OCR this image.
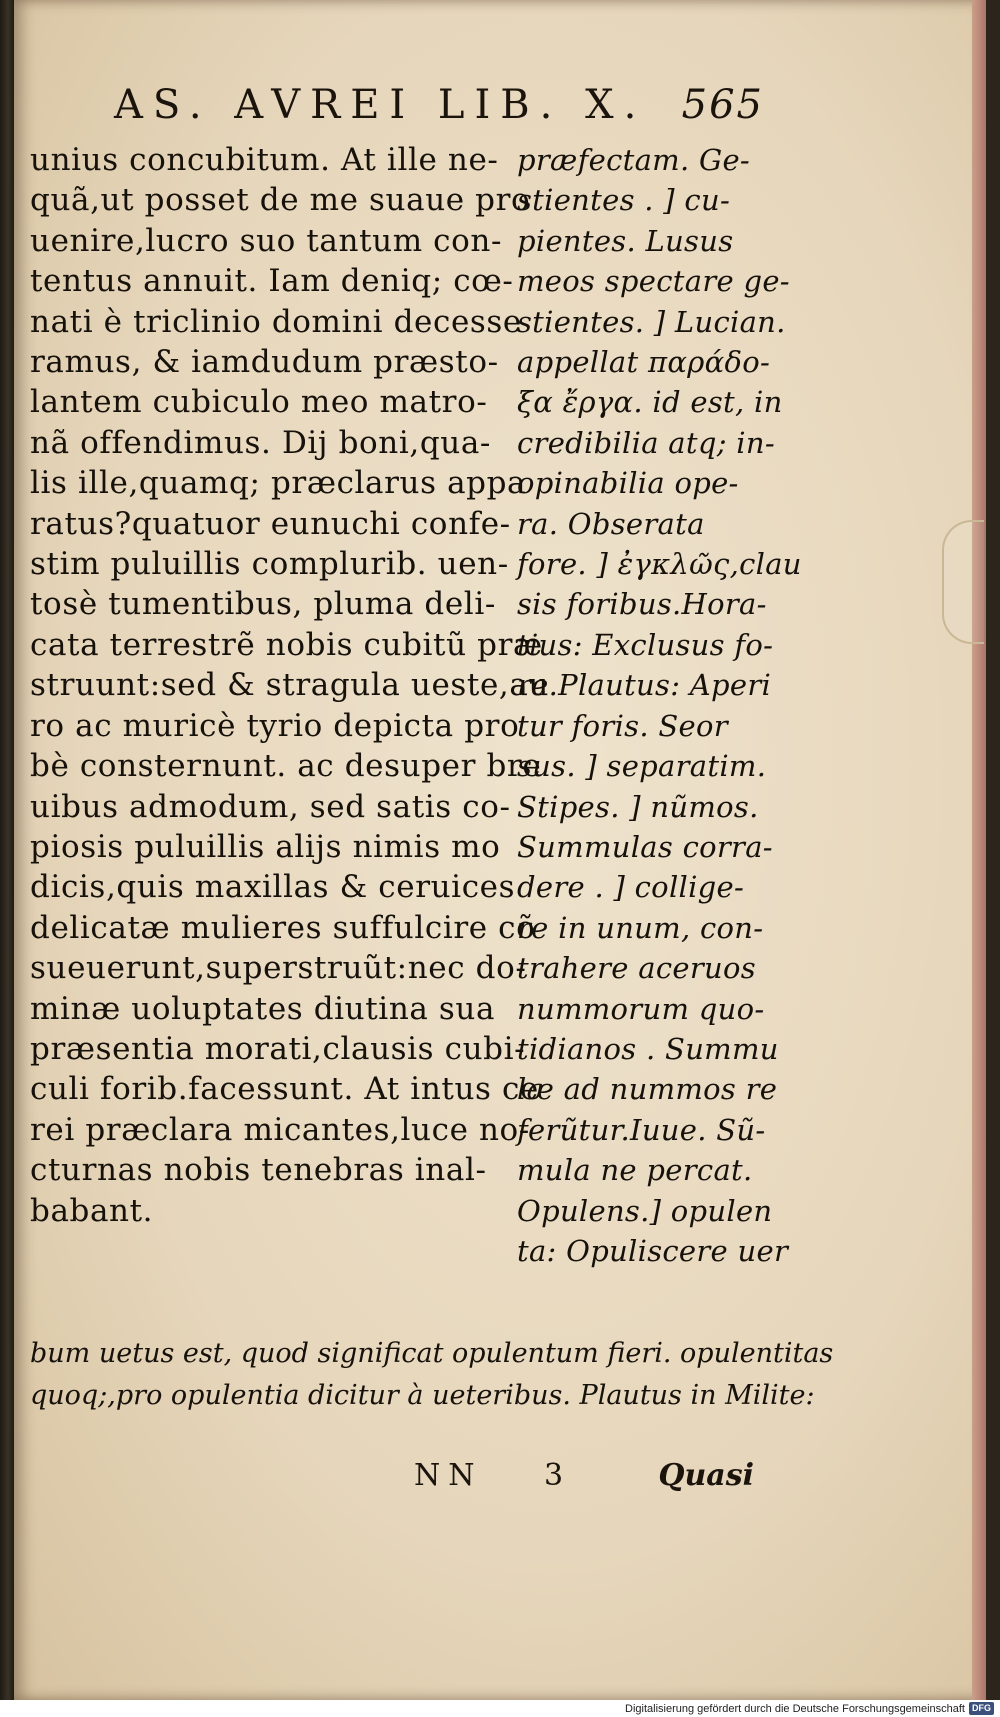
AS. AVREI LIB. X. 565
unius concubitum. At ille ne-
quã,ut posset de me suaue pro
uenire,lucro suo tantum con-
tentus annuit. Iam deniq; cœ-
nati è triclinio domini decesse
ramus, & iamdudum præsto-
lantem cubiculo meo matro-
nã offendimus. Dij boni,qua-
lis ille,quamq; præclarus appa
ratus?quatuor eunuchi confe-
stim puluillis complurib. uen-
tosè tumentibus, pluma deli-
cata terrestrẽ nobis cubitũ præ
struunt:sed & stragula ueste,au
ro ac muricè tyrio depicta pro
bè consternunt. ac desuper bre
uibus admodum, sed satis co-
piosis puluillis alijs nimis mo
dicis,quis maxillas & ceruices
delicatæ mulieres suffulcire cõ
sueuerunt,superstruũt:nec do-
minæ uoluptates diutina sua
præsentia morati,clausis cubi-
culi forib.facessunt. At intus ce
rei præclara micantes,luce no-
cturnas nobis tenebras inal-
babant.
præfectam. Ge-
stientes . ] cu-
pientes. Lusus
meos spectare ge-
stientes. ] Lucian.
appellat παράδο-
ξα ἔργα. id est, in
credibilia atq; in-
opinabilia ope-
ra. Obserata
fore. ] ἐγκλῶς,clau
sis foribus.Hora-
tius: Exclusus fo-
re.Plautus: Aperi
tur foris. Seor
sus. ] separatim.
Stipes. ] nũmos.
Summulas corra-
dere . ] collige-
re in unum, con-
trahere aceruos
nummorum quo-
tidianos . Summu
læ ad nummos re
ferũtur.Iuue. Sũ-
mula ne percat.
Opulens.] opulen
ta: Opuliscere uer
bum uetus est, quod significat opulentum fieri. opulentitas
quoq;,pro opulentia dicitur à ueteribus. Plautus in Milite:
NN 3	Quasi
Digitalisierung gefördert durch die Deutsche Forschungsgemeinschaft DFG
